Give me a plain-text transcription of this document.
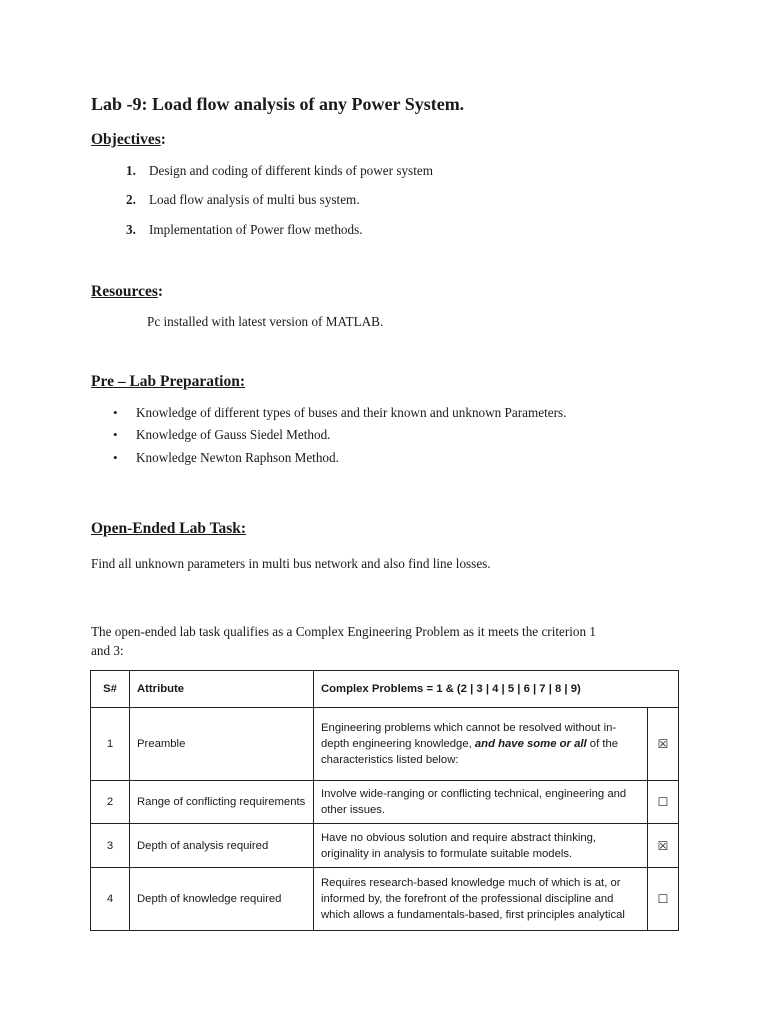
Lab -9: Load flow analysis of any Power System.
Objectives:
1. Design and coding of different kinds of power system
2. Load flow analysis of multi bus system.
3. Implementation of Power flow methods.
Resources:
Pc installed with latest version of MATLAB.
Pre – Lab Preparation:
• Knowledge of different types of buses and their known and unknown Parameters.
• Knowledge of Gauss Siedel Method.
• Knowledge Newton Raphson Method.
Open-Ended Lab Task:
Find all unknown parameters in multi bus network and also find line losses.
The open-ended lab task qualifies as a Complex Engineering Problem as it meets the criterion 1
and 3:
S#	Attribute	Complex Problems = 1 & (2 | 3 | 4 | 5 | 6 | 7 | 8 | 9)	
1	Preamble	Engineering problems which cannot be resolved without in-depth engineering knowledge, and have some or all of the characteristics listed below:	☒
2	Range of conflicting requirements	Involve wide-ranging or conflicting technical, engineering and other issues.	☐
3	Depth of analysis required	Have no obvious solution and require abstract thinking, originality in analysis to formulate suitable models.	☒
4	Depth of knowledge required	Requires research-based knowledge much of which is at, or informed by, the forefront of the professional discipline and which allows a fundamentals-based, first principles analytical	☐
